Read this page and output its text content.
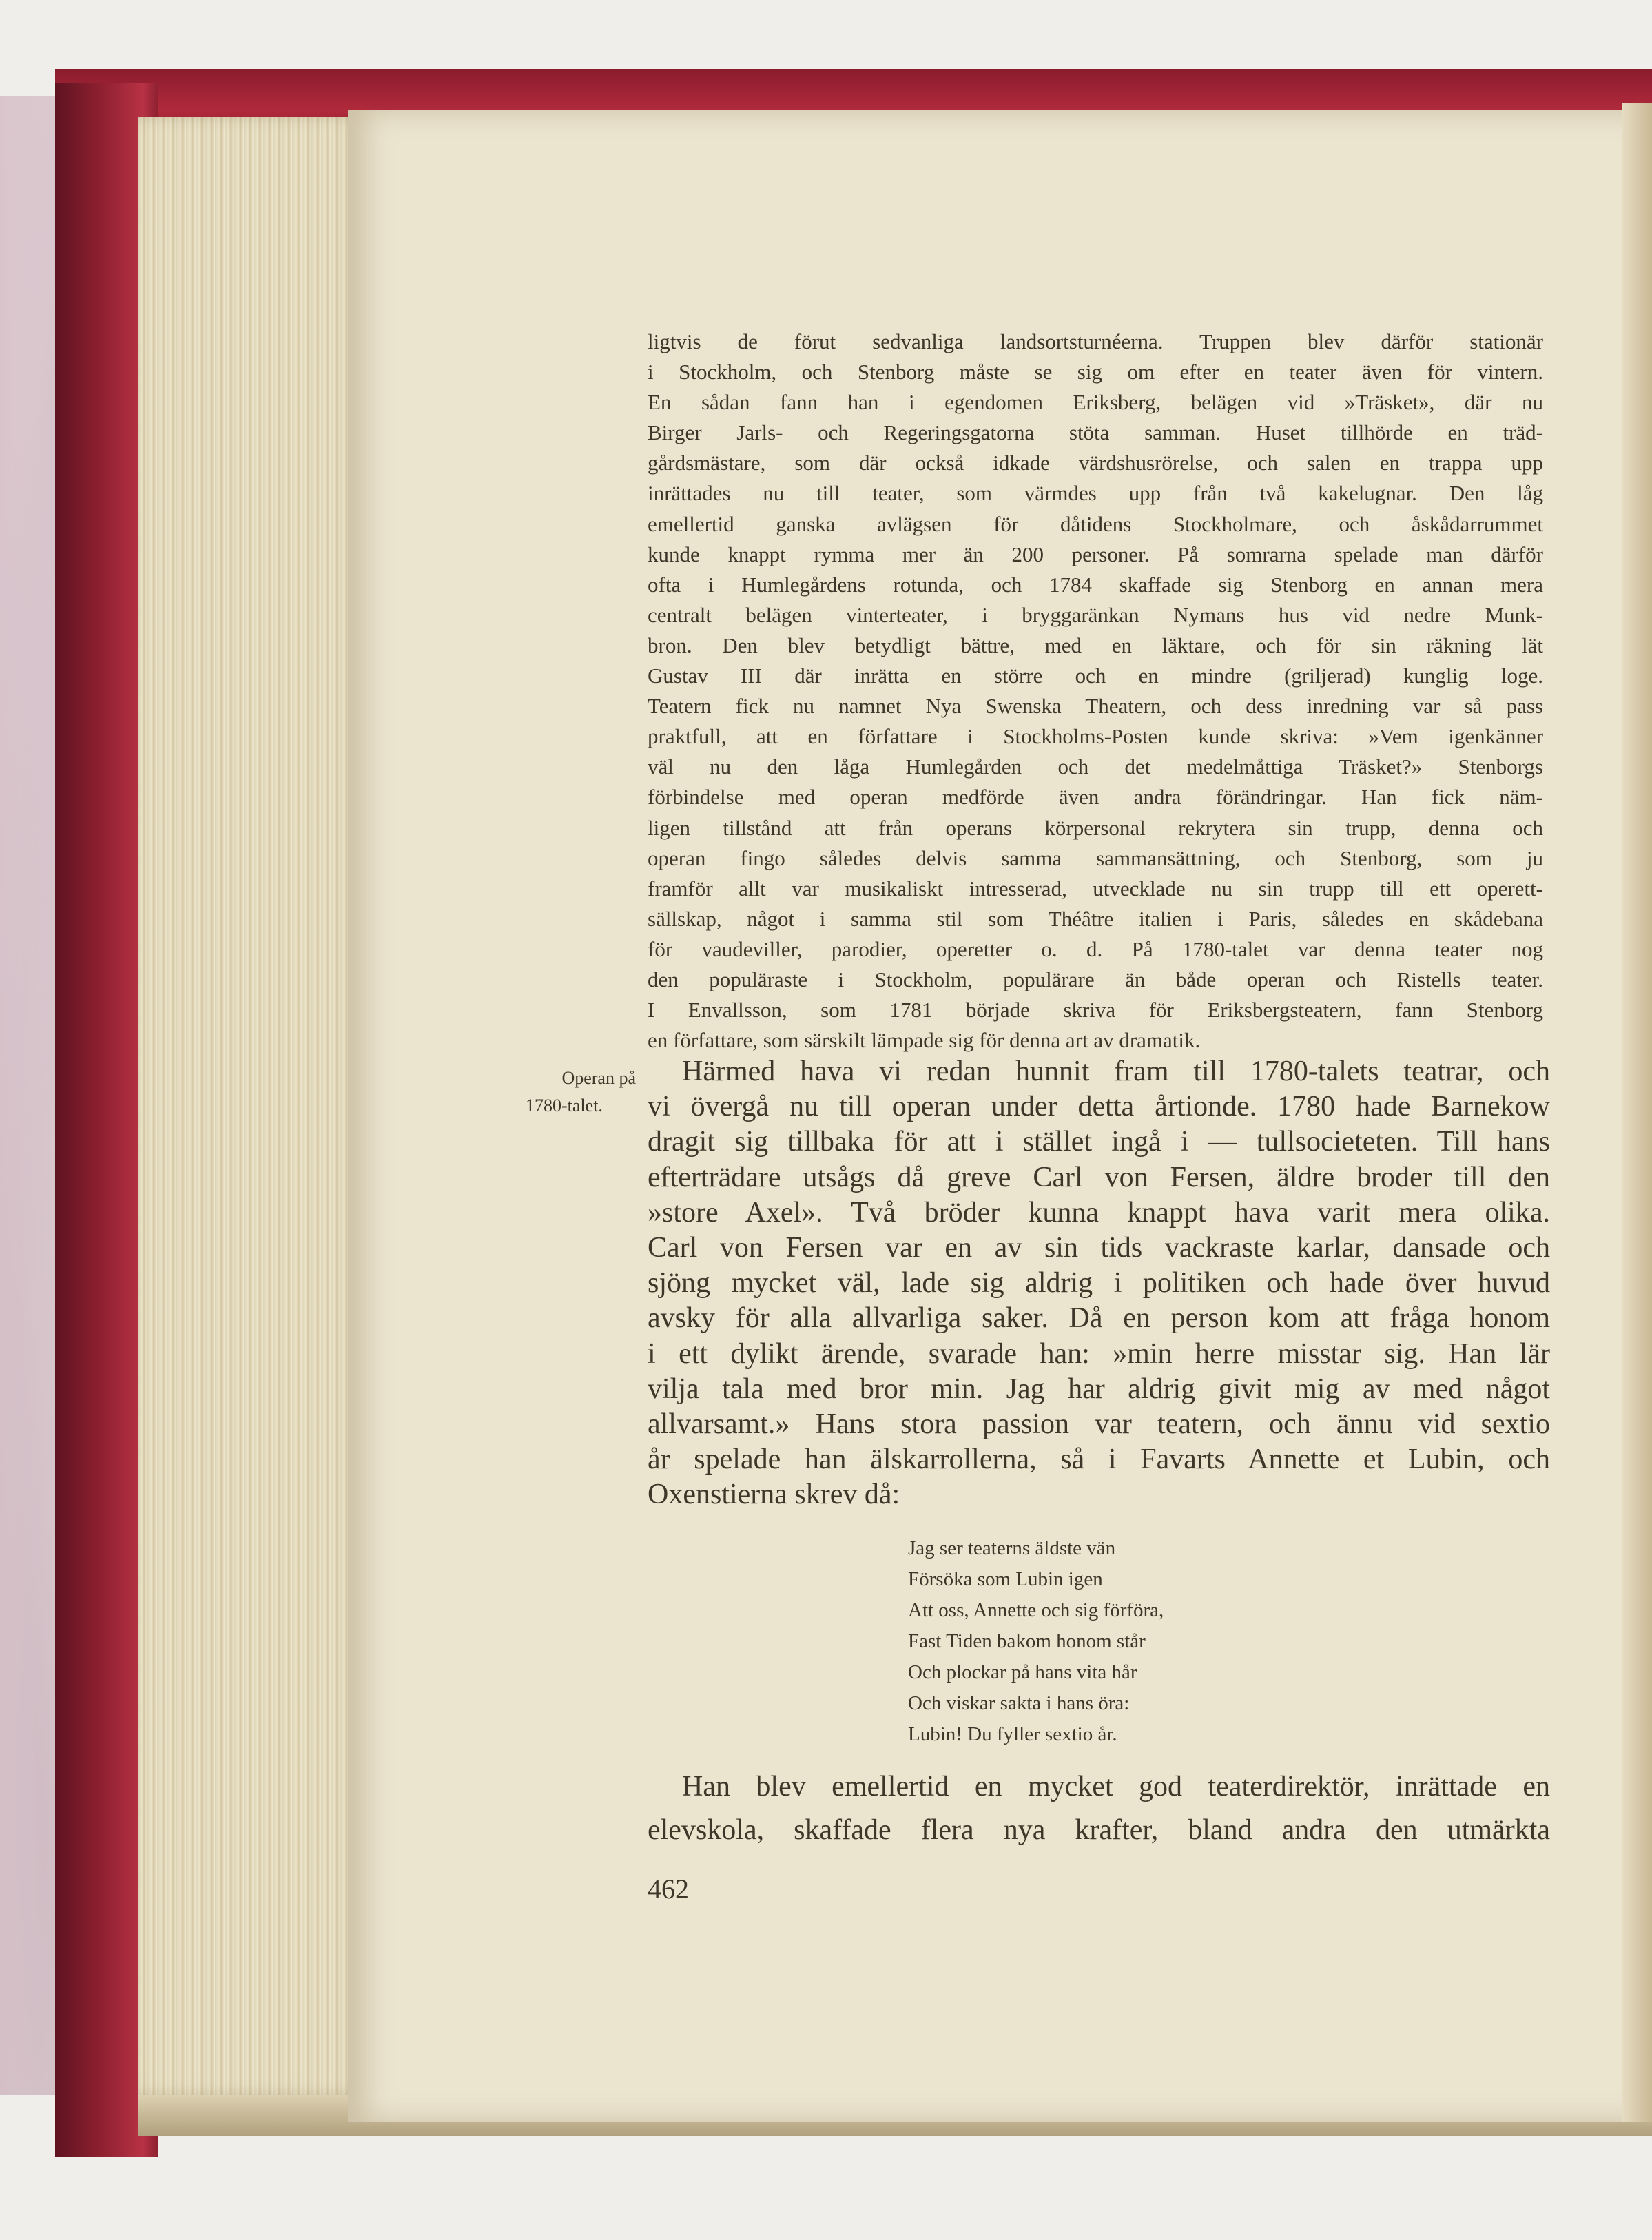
ligtvis de förut sedvanliga landsortsturnéerna. Truppen blev därför stationär
i Stockholm, och Stenborg måste se sig om efter en teater även för vintern.
En sådan fann han i egendomen Eriksberg, belägen vid »Träsket», där nu
Birger Jarls- och Regeringsgatorna stöta samman. Huset tillhörde en träd-
gårdsmästare, som där också idkade värdshusrörelse, och salen en trappa upp
inrättades nu till teater, som värmdes upp från två kakelugnar. Den låg
emellertid ganska avlägsen för dåtidens Stockholmare, och åskådarrummet
kunde knappt rymma mer än 200 personer. På somrarna spelade man därför
ofta i Humlegårdens rotunda, och 1784 skaffade sig Stenborg en annan mera
centralt belägen vinterteater, i bryggaränkan Nymans hus vid nedre Munk-
bron. Den blev betydligt bättre, med en läktare, och för sin räkning lät
Gustav III där inrätta en större och en mindre (griljerad) kunglig loge.
Teatern fick nu namnet Nya Swenska Theatern, och dess inredning var så pass
praktfull, att en författare i Stockholms-Posten kunde skriva: »Vem igenkänner
väl nu den låga Humlegården och det medelmåttiga Träsket?» Stenborgs
förbindelse med operan medförde även andra förändringar. Han fick näm-
ligen tillstånd att från operans körpersonal rekrytera sin trupp, denna och
operan fingo således delvis samma sammansättning, och Stenborg, som ju
framför allt var musikaliskt intresserad, utvecklade nu sin trupp till ett operett-
sällskap, något i samma stil som Théâtre italien i Paris, således en skådebana
för vaudeviller, parodier, operetter o. d. På 1780-talet var denna teater nog
den populäraste i Stockholm, populärare än både operan och Ristells teater.
I Envallsson, som 1781 började skriva för Eriksbergsteatern, fann Stenborg
en författare, som särskilt lämpade sig för denna art av dramatik.

Operan på
1780-talet.

Härmed hava vi redan hunnit fram till 1780-talets teatrar, och
vi övergå nu till operan under detta årtionde. 1780 hade Barnekow
dragit sig tillbaka för att i stället ingå i — tullsocieteten. Till hans
efterträdare utsågs då greve Carl von Fersen, äldre broder till den
»store Axel». Två bröder kunna knappt hava varit mera olika.
Carl von Fersen var en av sin tids vackraste karlar, dansade och
sjöng mycket väl, lade sig aldrig i politiken och hade över huvud
avsky för alla allvarliga saker. Då en person kom att fråga honom
i ett dylikt ärende, svarade han: »min herre misstar sig. Han lär
vilja tala med bror min. Jag har aldrig givit mig av med något
allvarsamt.» Hans stora passion var teatern, och ännu vid sextio
år spelade han älskarrollerna, så i Favarts Annette et Lubin, och
Oxenstierna skrev då:

Jag ser teaterns äldste vän
Försöka som Lubin igen
Att oss, Annette och sig förföra,
Fast Tiden bakom honom står
Och plockar på hans vita hår
Och viskar sakta i hans öra:
Lubin! Du fyller sextio år.

Han blev emellertid en mycket god teaterdirektör, inrättade en
elevskola, skaffade flera nya krafter, bland andra den utmärkta

462
